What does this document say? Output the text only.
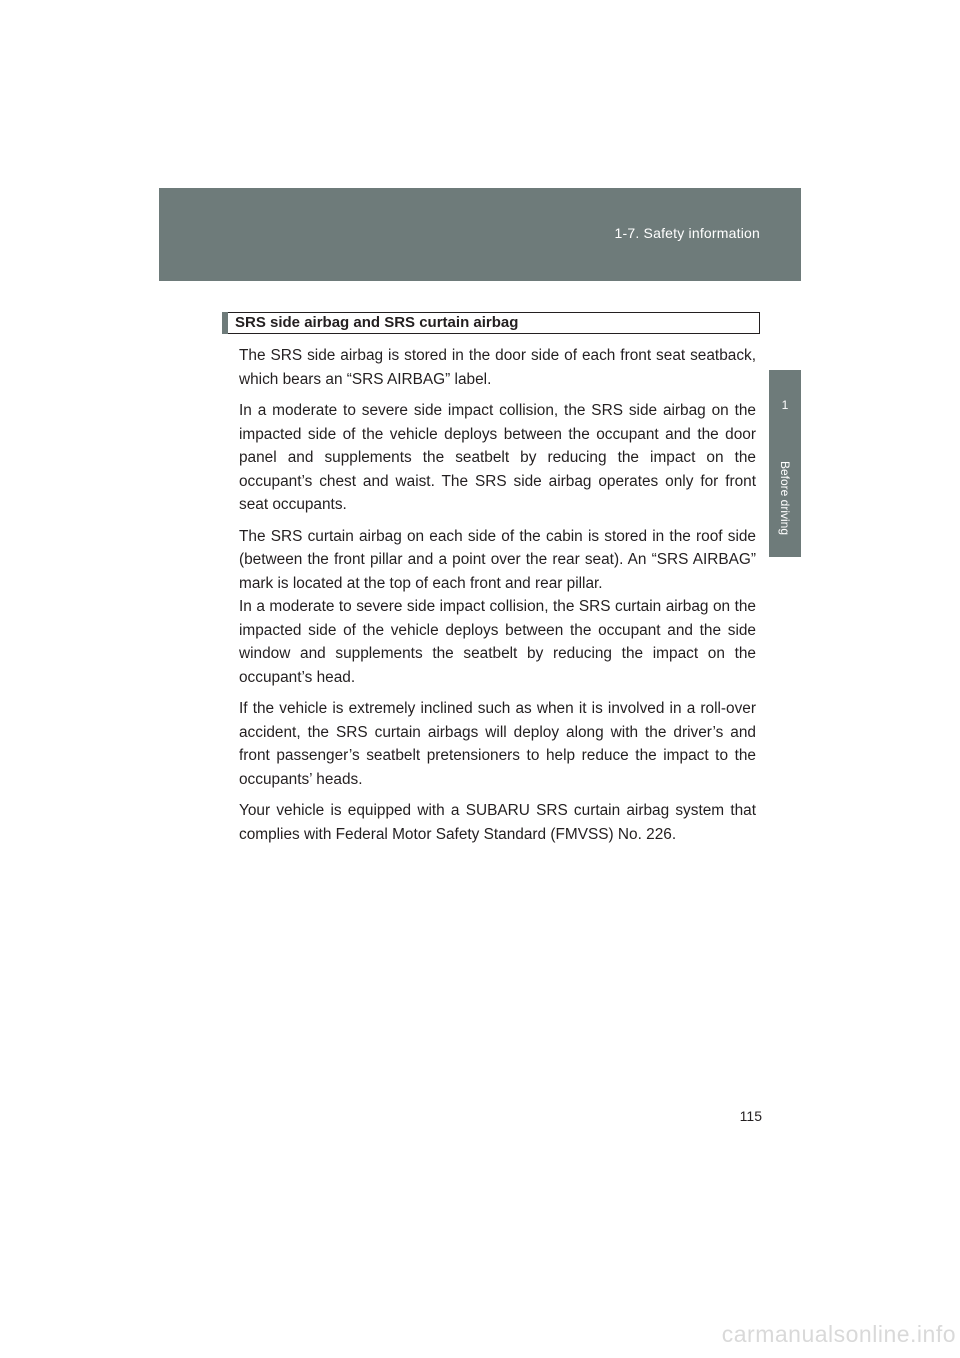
1-7. Safety information
1
Before driving
SRS side airbag and SRS curtain airbag

The SRS side airbag is stored in the door side of each front seat seatback, which bears an “SRS AIRBAG” label.

In a moderate to severe side impact collision, the SRS side airbag on the impacted side of the vehicle deploys between the occupant and the door panel and supplements the seatbelt by reducing the impact on the occupant’s chest and waist. The SRS side airbag operates only for front seat occupants.

The SRS curtain airbag on each side of the cabin is stored in the roof side (between the front pillar and a point over the rear seat). An “SRS AIRBAG” mark is located at the top of each front and rear pillar.

In a moderate to severe side impact collision, the SRS curtain airbag on the impacted side of the vehicle deploys between the occupant and the side window and supplements the seatbelt by reducing the impact on the occupant’s head.

If the vehicle is extremely inclined such as when it is involved in a roll-over accident, the SRS curtain airbags will deploy along with the driver’s and front passenger’s seatbelt pretensioners to help reduce the impact to the occupants’ heads.

Your vehicle is equipped with a SUBARU SRS curtain airbag system that complies with Federal Motor Safety Standard (FMVSS) No. 226.

115
carmanualsonline.info
